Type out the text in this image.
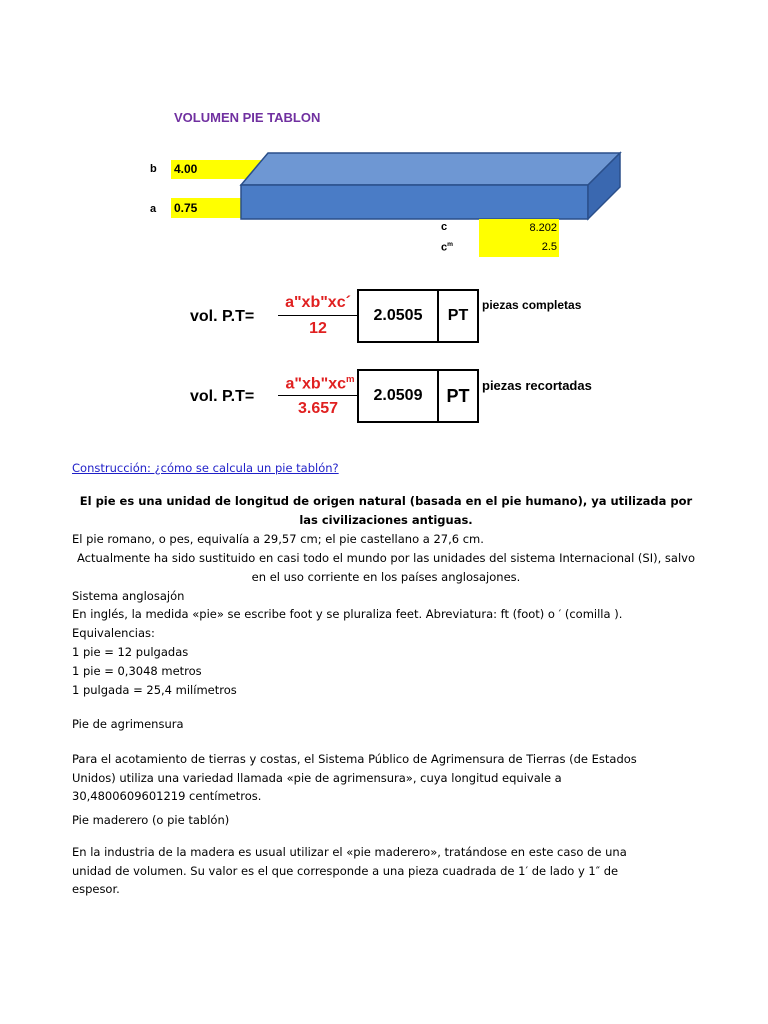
VOLUMEN PIE TABLON
b 4.00
a 0.75
c	8.202
$c^m$	2.5
vol. P.T=
a"xb"xc´
12
2.0505	PT
piezas completas
vol. P.T=
$a"xb"xc^m$
3.657
2.0509	PT piezas recortadas
Construcción: ¿cómo se calcula un pie tablón?
El pie es una unidad de longitud de origen natural (basada en el pie humano), ya utilizada por las civilizaciones antiguas.
El pie romano, o pes, equivalía a 29,57 cm; el pie castellano a 27,6 cm.
Actualmente ha sido sustituido en casi todo el mundo por las unidades del sistema Internacional (SI), salvo en el uso corriente en los países anglosajones.
Sistema anglosajón
En inglés, la medida «pie» se escribe foot y se pluraliza feet. Abreviatura: ft (foot) o ′ (comilla ).
Equivalencias:
1 pie = 12 pulgadas
1 pie = 0,3048 metros
1 pulgada = 25,4 milímetros
Pie de agrimensura
Para el acotamiento de tierras y costas, el Sistema Público de Agrimensura de Tierras (de Estados Unidos) utiliza una variedad llamada «pie de agrimensura», cuya longitud equivale a 30,4800609601219 centímetros.
Pie maderero (o pie tablón)
En la industria de la madera es usual utilizar el «pie maderero», tratándose en este caso de una unidad de volumen. Su valor es el que corresponde a una pieza cuadrada de 1′ de lado y 1″ de espesor.
